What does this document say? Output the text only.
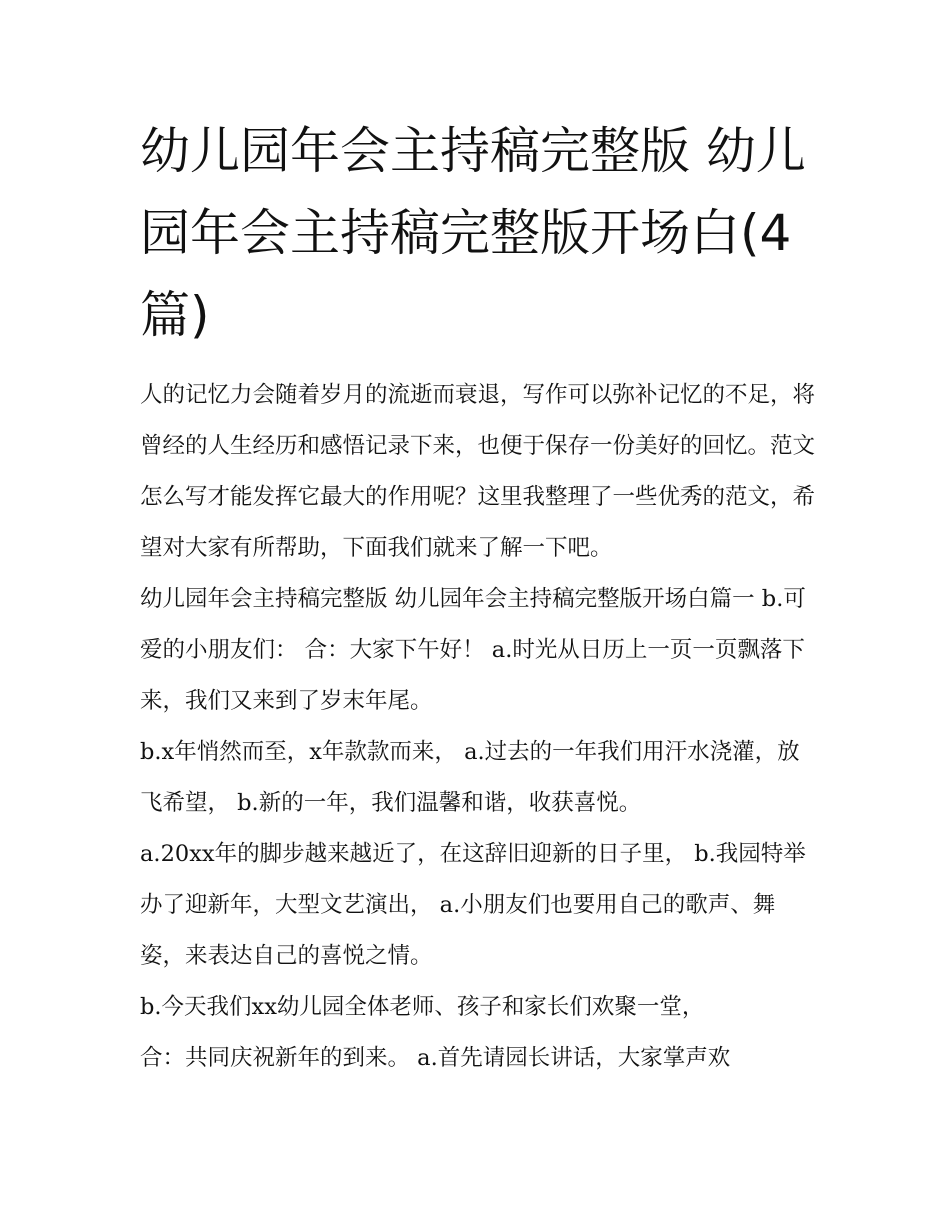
幼儿园年会主持稿完整版 幼儿园年会主持稿完整版开场白(4篇)

人的记忆力会随着岁月的流逝而衰退，写作可以弥补记忆的不足，将曾经的人生经历和感悟记录下来，也便于保存一份美好的回忆。范文怎么写才能发挥它最大的作用呢？这里我整理了一些优秀的范文，希望对大家有所帮助，下面我们就来了解一下吧。

幼儿园年会主持稿完整版 幼儿园年会主持稿完整版开场白篇一 b.可爱的小朋友们： 合：大家下午好！ a.时光从日历上一页一页飘落下来，我们又来到了岁末年尾。

b.x年悄然而至，x年款款而来， a.过去的一年我们用汗水浇灌，放飞希望， b.新的一年，我们温馨和谐，收获喜悦。

a.20xx年的脚步越来越近了，在这辞旧迎新的日子里， b.我园特举办了迎新年，大型文艺演出， a.小朋友们也要用自己的歌声、舞姿，来表达自己的喜悦之情。

b.今天我们xx幼儿园全体老师、孩子和家长们欢聚一堂，

合：共同庆祝新年的到来。 a.首先请园长讲话，大家掌声欢
